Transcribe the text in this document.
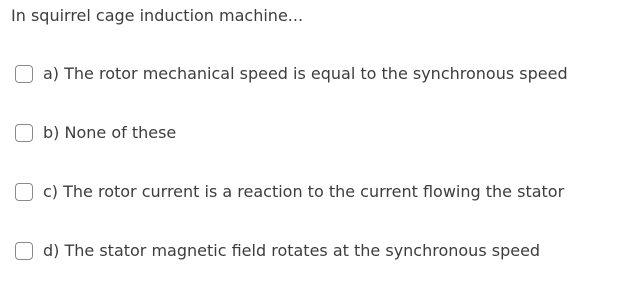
In squirrel cage induction machine...
a) The rotor mechanical speed is equal to the synchronous speed
b) None of these
c) The rotor current is a reaction to the current flowing the stator
d) The stator magnetic field rotates at the synchronous speed
